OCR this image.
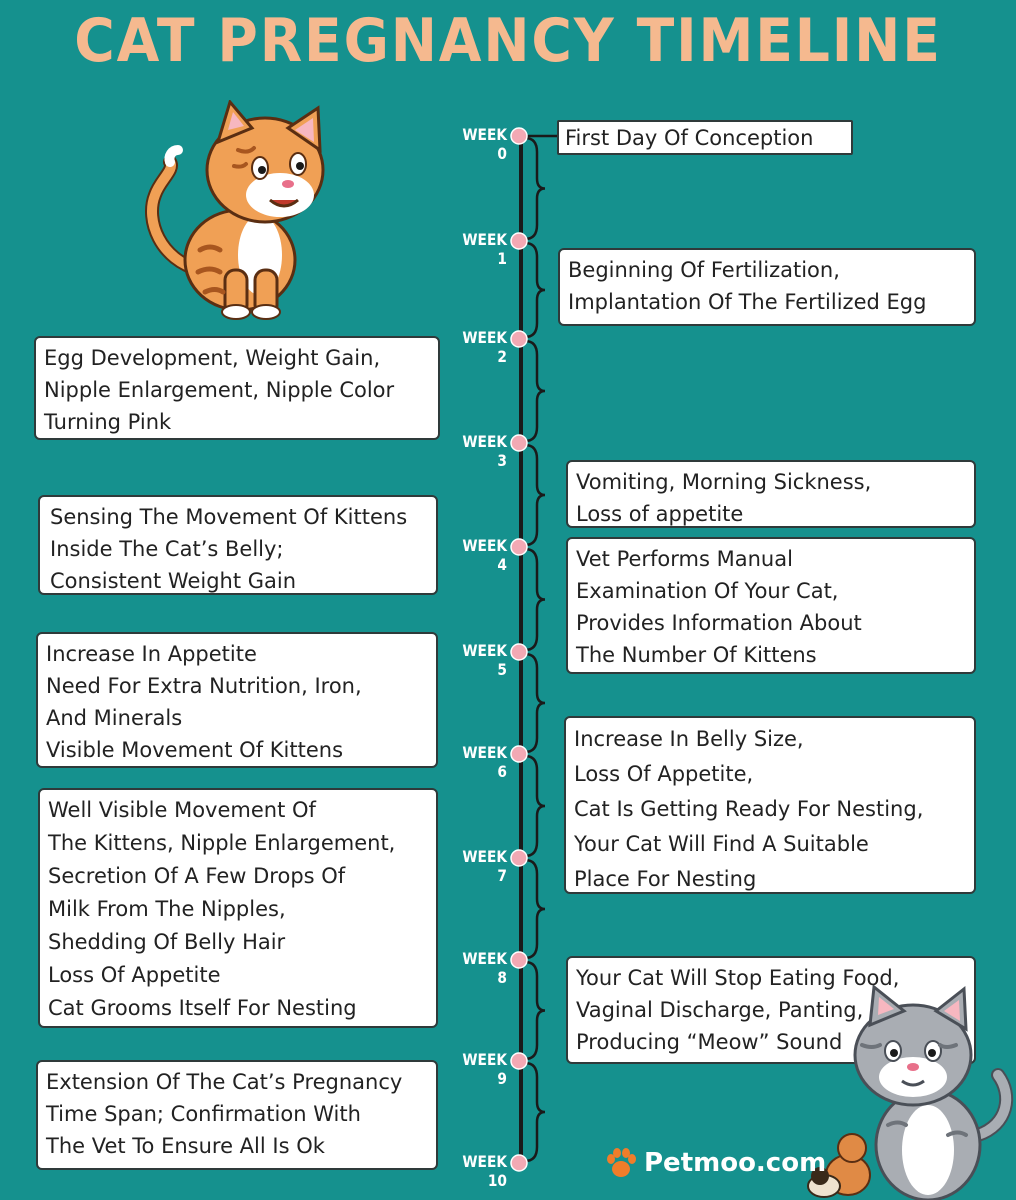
CAT PREGNANCY TIMELINE
WEEK 0
WEEK 1
WEEK 2
WEEK 3
WEEK 4
WEEK 5
WEEK 6
WEEK 7
WEEK 8
WEEK 9
WEEK 10
First Day Of Conception
Beginning Of Fertilization,
Implantation Of The Fertilized Egg
Egg Development, Weight Gain,
Nipple Enlargement, Nipple Color
Turning Pink
Vomiting, Morning Sickness,
Loss of appetite
Sensing The Movement Of Kittens
Inside The Cat’s Belly;
Consistent Weight Gain
Vet Performs Manual
Examination Of Your Cat,
Provides Information About
The Number Of Kittens
Increase In Appetite
Need For Extra Nutrition, Iron,
And Minerals
Visible Movement Of Kittens	Increase In Belly Size,
Loss Of Appetite,
Cat Is Getting Ready For Nesting,
Your Cat Will Find A Suitable
Place For Nesting
Well Visible Movement Of
The Kittens, Nipple Enlargement,
Secretion Of A Few Drops Of
Milk From The Nipples,
Shedding Of Belly Hair
Loss Of Appetite
Cat Grooms Itself For Nesting
Your Cat Will Stop Eating Food,
Vaginal Discharge, Panting,
Producing “Meow” Sound
Extension Of The Cat’s Pregnancy
Time Span; Confirmation With
The Vet To Ensure All Is Ok
Petmoo.com
